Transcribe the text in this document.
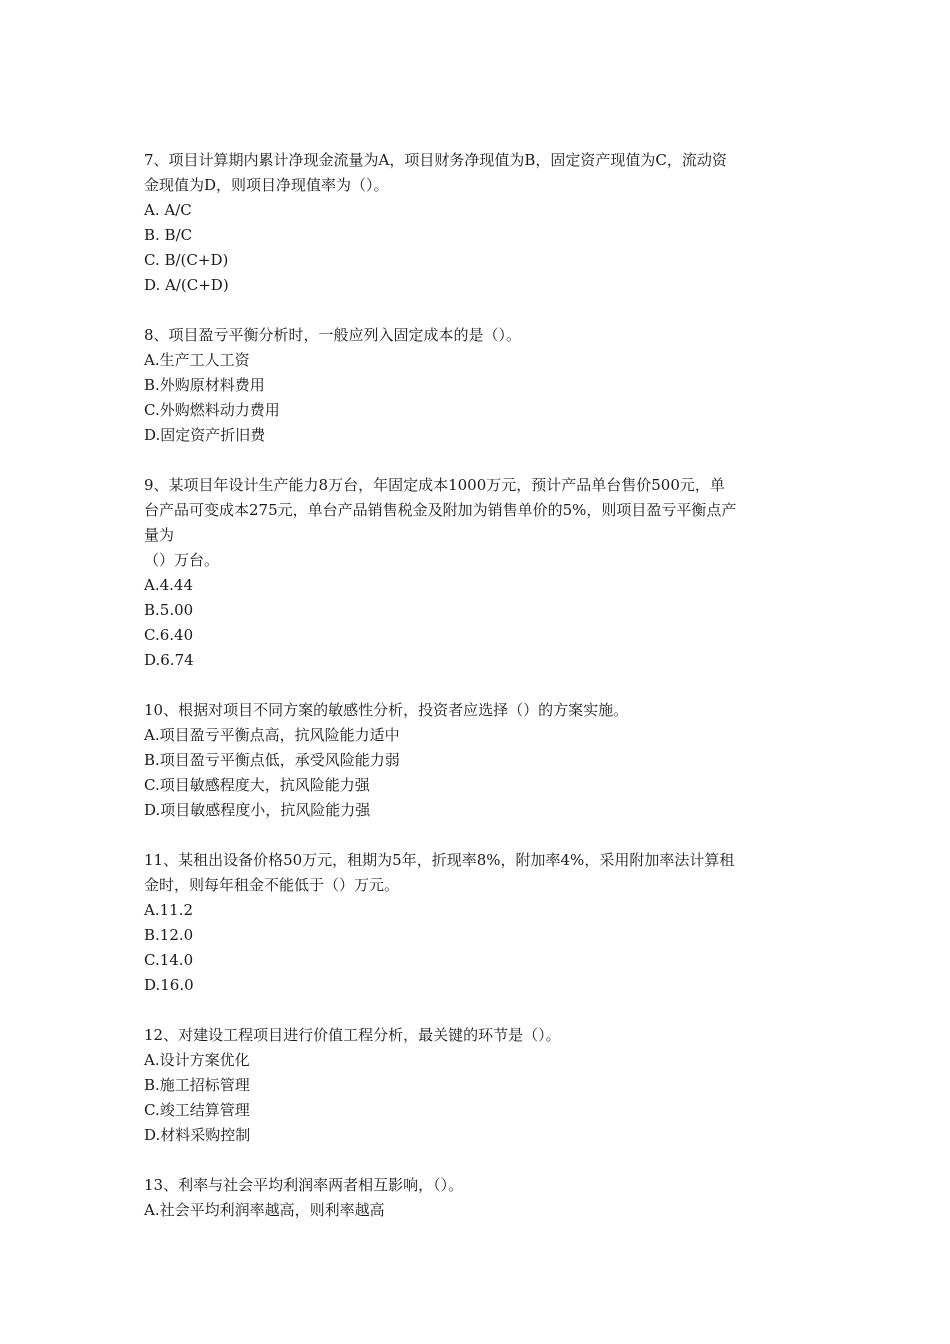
7、项目计算期内累计净现金流量为A，项目财务净现值为B，固定资产现值为C，流动资
金现值为D，则项目净现值率为（）。
A. A/C
B. B/C
C. B/(C+D)
D. A/(C+D)
8、项目盈亏平衡分析时，一般应列入固定成本的是（）。
A.生产工人工资
B.外购原材料费用
C.外购燃料动力费用
D.固定资产折旧费
9、某项目年设计生产能力8万台，年固定成本1000万元，预计产品单台售价500元，单
台产品可变成本275元，单台产品销售税金及附加为销售单价的5%，则项目盈亏平衡点产
量为
（）万台。
A.4.44
B.5.00
C.6.40
D.6.74
10、根据对项目不同方案的敏感性分析，投资者应选择（）的方案实施。
A.项目盈亏平衡点高，抗风险能力适中
B.项目盈亏平衡点低，承受风险能力弱
C.项目敏感程度大，抗风险能力强
D.项目敏感程度小，抗风险能力强
11、某租出设备价格50万元，租期为5年，折现率8%，附加率4%，采用附加率法计算租
金时，则每年租金不能低于（）万元。
A.11.2
B.12.0
C.14.0
D.16.0
12、对建设工程项目进行价值工程分析，最关键的环节是（）。
A.设计方案优化
B.施工招标管理
C.竣工结算管理
D.材料采购控制
13、利率与社会平均利润率两者相互影响，（）。
A.社会平均利润率越高，则利率越高
